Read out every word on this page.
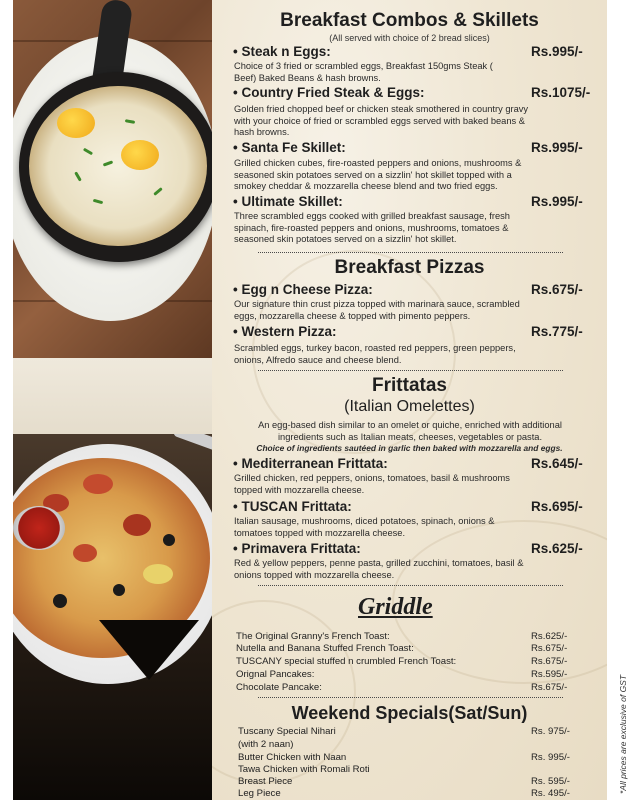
Breakfast Combos & Skillets
(All served with choice of 2 bread slices)
• Steak n Eggs:	Rs.995/-
Choice of 3 fried or scrambled eggs, Breakfast 150gms Steak ( Beef) Baked Beans & hash browns.
• Country Fried Steak & Eggs:	Rs.1075/-
Golden fried chopped beef or chicken steak smothered in country gravy with your choice of fried or scrambled eggs served with baked beans & hash browns.
• Santa Fe Skillet:	Rs.995/-
Grilled chicken cubes, fire-roasted peppers and onions, mushrooms & seasoned skin potatoes served on a sizzlin' hot skillet topped with a smokey cheddar & mozzarella cheese blend and two fried eggs.
• Ultimate Skillet:	Rs.995/-
Three scrambled eggs cooked with grilled breakfast sausage, fresh spinach, fire-roasted peppers and onions, mushrooms, tomatoes & seasoned skin potatoes served on a sizzlin' hot skillet.
Breakfast Pizzas
• Egg n Cheese Pizza:	Rs.675/-
Our signature thin crust pizza topped with marinara sauce, scrambled eggs, mozzarella cheese & topped with pimento peppers.
• Western Pizza:	Rs.775/-
Scrambled eggs, turkey bacon, roasted red peppers, green peppers, onions, Alfredo sauce and cheese blend.
Frittatas
(Italian Omelettes)
An egg-based dish similar to an omelet or quiche, enriched with additional ingredients such as Italian meats, cheeses, vegetables or pasta.
Choice of ingredients sautéed in garlic then baked with mozzarella and eggs.
• Mediterranean Frittata:	Rs.645/-
Grilled chicken, red peppers, onions, tomatoes, basil & mushrooms topped with mozzarella cheese.
• TUSCAN Frittata:	Rs.695/-
Italian sausage, mushrooms, diced potatoes, spinach, onions & tomatoes topped with mozzarella cheese.
• Primavera Frittata:	Rs.625/-
Red & yellow peppers, penne pasta, grilled zucchini, tomatoes, basil & onions topped with mozzarella cheese.
Griddle
The Original Granny's French Toast:	Rs.625/-
Nutella and Banana Stuffed French Toast:	Rs.675/-
TUSCANY special stuffed n crumbled French Toast:	Rs.675/-
Orignal Pancakes:	Rs.595/-
Chocolate Pancake:	Rs.675/-
Weekend Specials(Sat/Sun)
Tuscany Special Nihari	Rs. 975/-
(with 2 naan)
Butter Chicken with Naan	Rs. 995/-
Tawa Chicken with Romali Roti
Breast Piece	Rs. 595/-
Leg Piece	Rs. 495/-	*All prices are exclusive of GST
